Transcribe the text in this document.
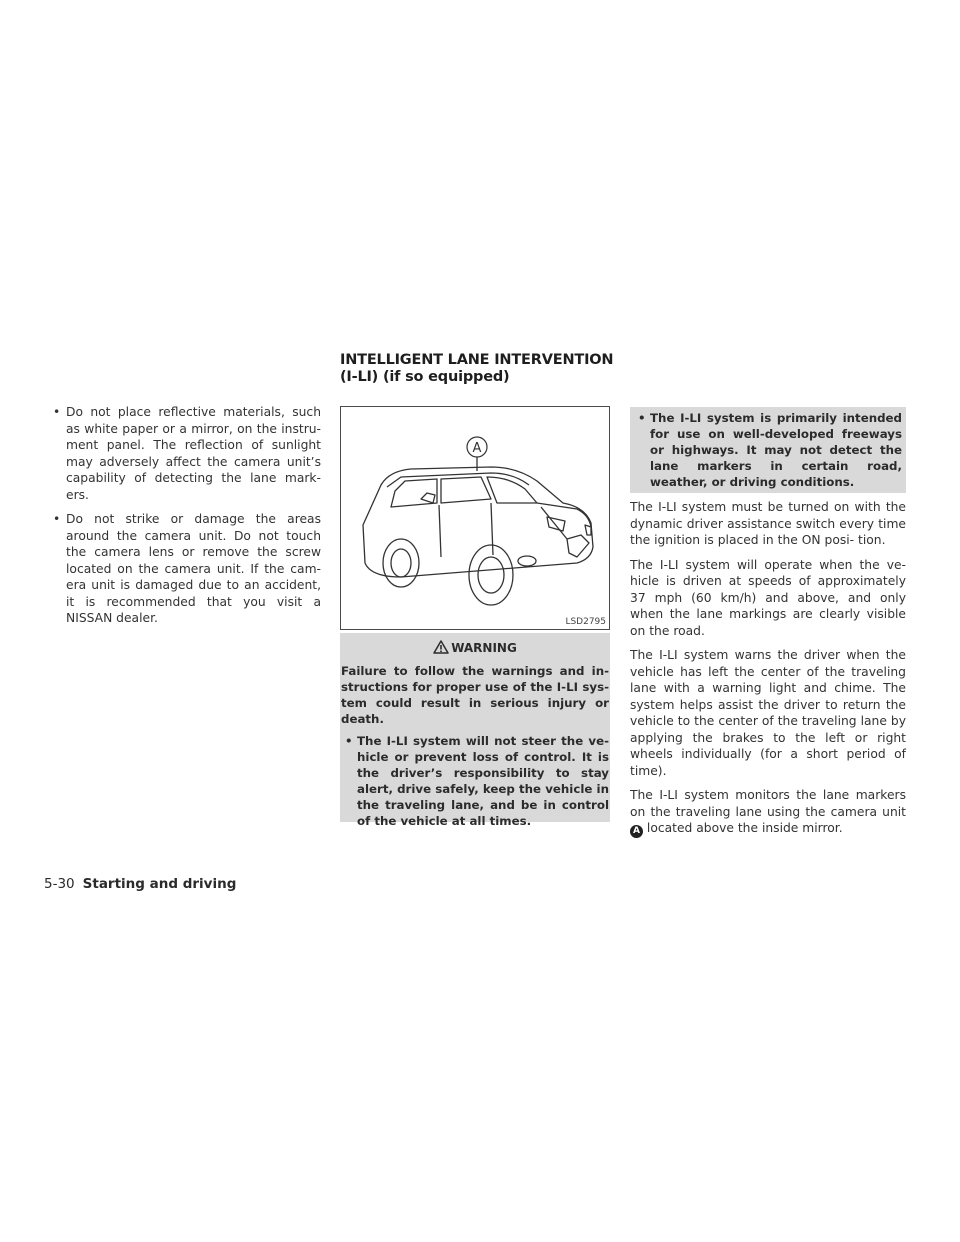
INTELLIGENT LANE INTERVENTION
(I-LI) (if so equipped)

• Do not place reflective materials, such as white paper or a mirror, on the instru- ment panel. The reflection of sunlight may adversely affect the camera unit’s capability of detecting the lane mark- ers.

• Do not strike or damage the areas around the camera unit. Do not touch the camera lens or remove the screw located on the camera unit. If the cam- era unit is damaged due to an accident, it is recommended that you visit a NISSAN dealer.

A
LSD2795
WARNING

Failure to follow the warnings and in- structions for proper use of the I-LI sys- tem could result in serious injury or death.

• The I-LI system will not steer the ve- hicle or prevent loss of control. It is the driver’s responsibility to stay alert, drive safely, keep the vehicle in the traveling lane, and be in control of the vehicle at all times.

• The I-LI system is primarily intended for use on well-developed freeways or highways. It may not detect the lane markers in certain road, weather, or driving conditions.

The I-LI system must be turned on with the dynamic driver assistance switch every time the ignition is placed in the ON posi- tion.

The I-LI system will operate when the ve- hicle is driven at speeds of approximately 37 mph (60 km/h) and above, and only when the lane markings are clearly visible on the road.

The I-LI system warns the driver when the vehicle has left the center of the traveling lane with a warning light and chime. The system helps assist the driver to return the vehicle to the center of the traveling lane by applying the brakes to the left or right wheels individually (for a short period of time).

The I-LI system monitors the lane markers on the traveling lane using the camera unit A located above the inside mirror.

5-30 Starting and driving
